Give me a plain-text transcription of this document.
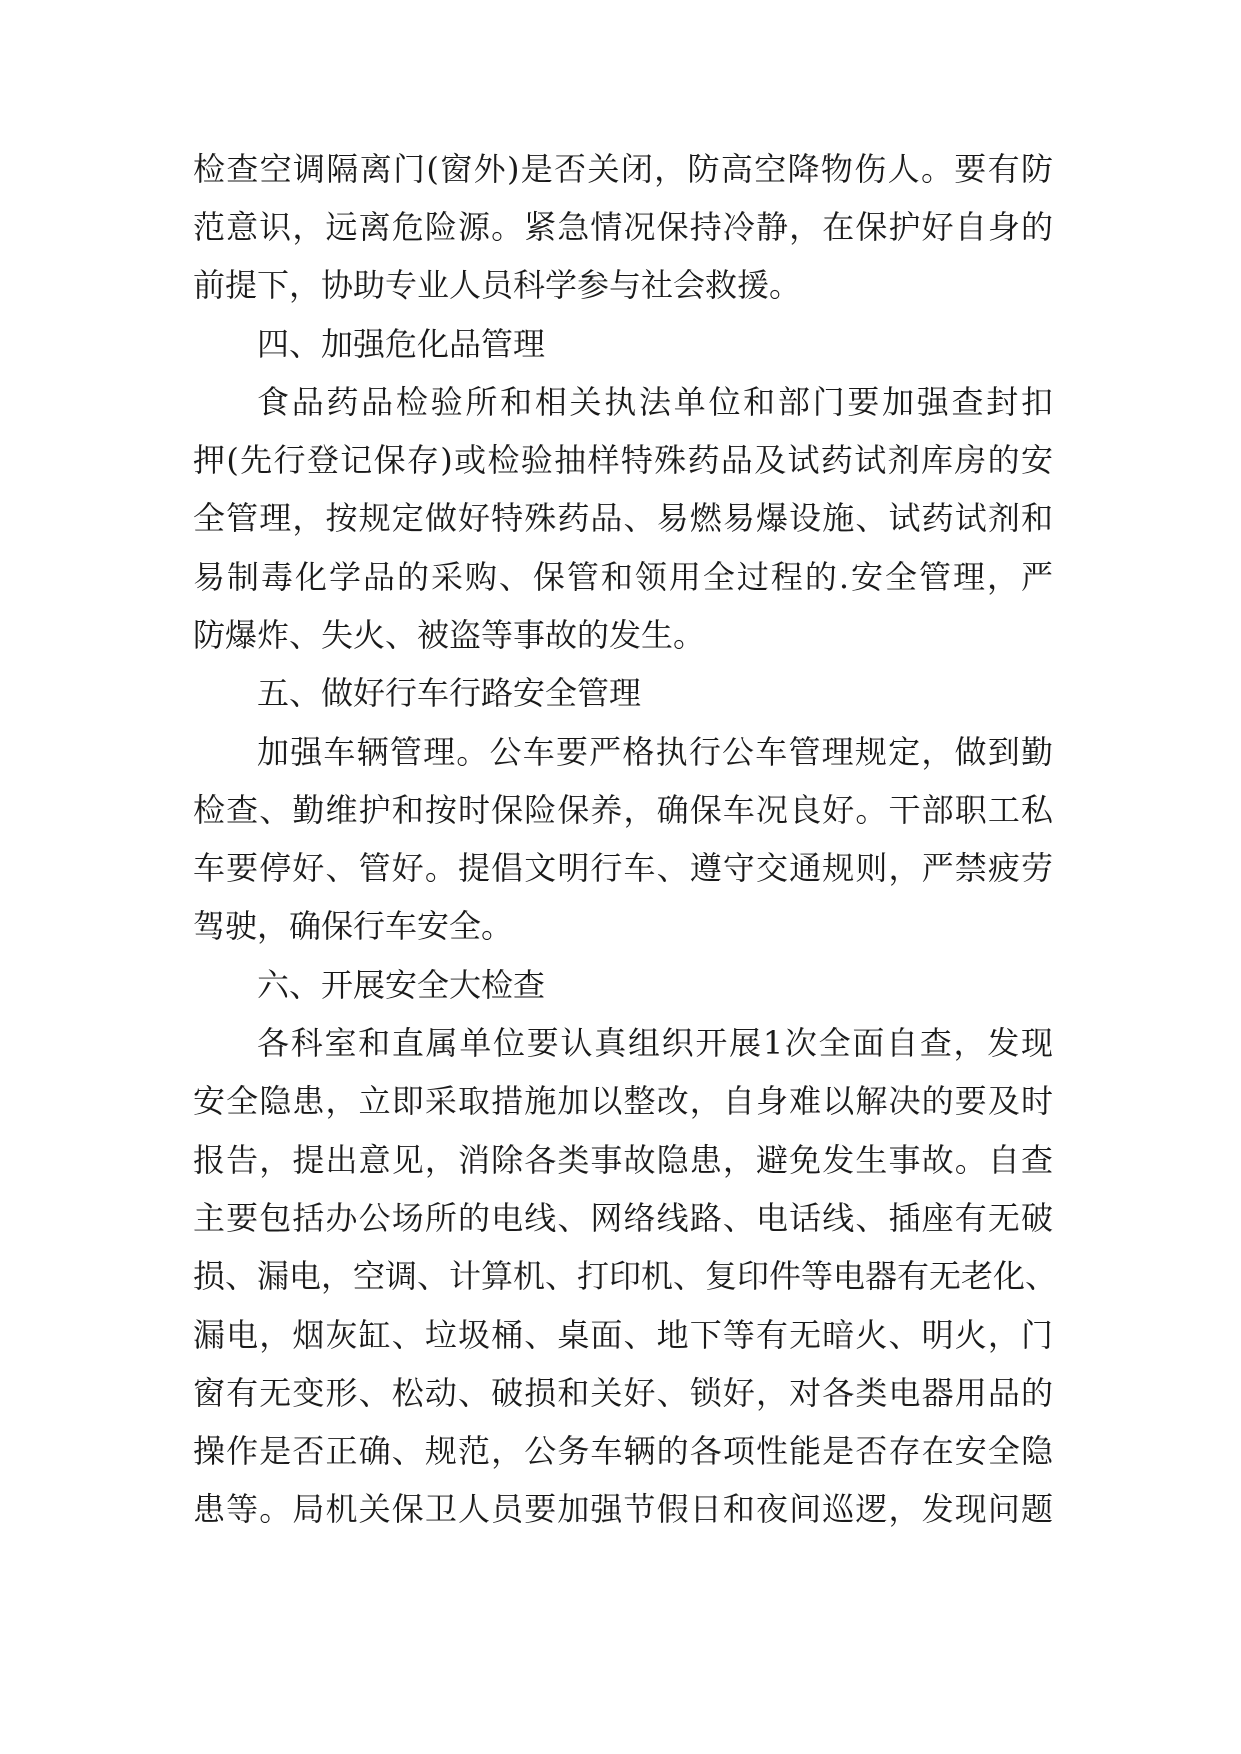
检查空调隔离门(窗外)是否关闭，防高空降物伤人。要有防
范意识，远离危险源。紧急情况保持冷静，在保护好自身的
前提下，协助专业人员科学参与社会救援。
四、加强危化品管理
食品药品检验所和相关执法单位和部门要加强查封扣
押(先行登记保存)或检验抽样特殊药品及试药试剂库房的安
全管理，按规定做好特殊药品、易燃易爆设施、试药试剂和
易制毒化学品的采购、保管和领用全过程的.安全管理，严
防爆炸、失火、被盗等事故的发生。
五、做好行车行路安全管理
加强车辆管理。公车要严格执行公车管理规定，做到勤
检查、勤维护和按时保险保养，确保车况良好。干部职工私
车要停好、管好。提倡文明行车、遵守交通规则，严禁疲劳
驾驶，确保行车安全。
六、开展安全大检查
各科室和直属单位要认真组织开展1次全面自查，发现
安全隐患，立即采取措施加以整改，自身难以解决的要及时
报告，提出意见，消除各类事故隐患，避免发生事故。自查
主要包括办公场所的电线、网络线路、电话线、插座有无破
损、漏电，空调、计算机、打印机、复印件等电器有无老化、
漏电，烟灰缸、垃圾桶、桌面、地下等有无暗火、明火，门
窗有无变形、松动、破损和关好、锁好，对各类电器用品的
操作是否正确、规范，公务车辆的各项性能是否存在安全隐
患等。局机关保卫人员要加强节假日和夜间巡逻，发现问题
